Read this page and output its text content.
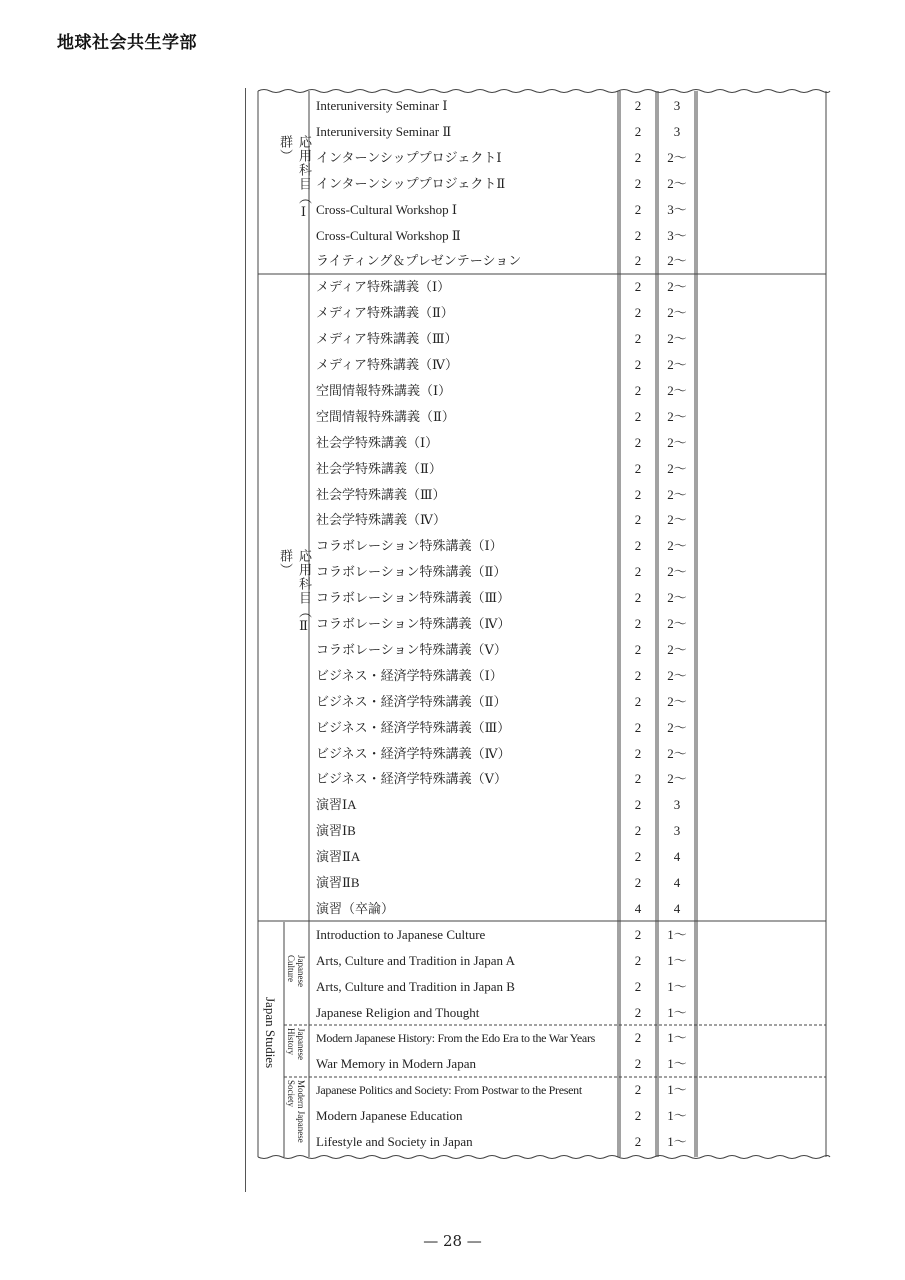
地球社会共生学部
応用科目（Ⅰ群）
応用科目（Ⅱ群）
Japan Studies
Japanese Culture
Japanese History
Modern Japanese Society
Interuniversity Seminar Ⅰ	2	3
Interuniversity Seminar Ⅱ	2	3
インターンシッププロジェクトⅠ	2	2～
インターンシッププロジェクトⅡ	2	2～
Cross-Cultural Workshop Ⅰ	2	3～
Cross-Cultural Workshop Ⅱ	2	3～
ライティング＆プレゼンテーション	2	2～
メディア特殊講義（Ⅰ）	2	2～
メディア特殊講義（Ⅱ）	2	2～
メディア特殊講義（Ⅲ）	2	2～
メディア特殊講義（Ⅳ）	2	2～
空間情報特殊講義（Ⅰ）	2	2～
空間情報特殊講義（Ⅱ）	2	2～
社会学特殊講義（Ⅰ）	2	2～
社会学特殊講義（Ⅱ）	2	2～
社会学特殊講義（Ⅲ）	2	2～
社会学特殊講義（Ⅳ）	2	2～
コラボレーション特殊講義（Ⅰ）	2	2～
コラボレーション特殊講義（Ⅱ）	2	2～
コラボレーション特殊講義（Ⅲ）	2	2～
コラボレーション特殊講義（Ⅳ）	2	2～
コラボレーション特殊講義（Ⅴ）	2	2～
ビジネス・経済学特殊講義（Ⅰ）	2	2～
ビジネス・経済学特殊講義（Ⅱ）	2	2～
ビジネス・経済学特殊講義（Ⅲ）	2	2～
ビジネス・経済学特殊講義（Ⅳ）	2	2～
ビジネス・経済学特殊講義（Ⅴ）	2	2～
演習ⅠA	2	3
演習ⅠB	2	3
演習ⅡA	2	4
演習ⅡB	2	4
演習（卒論）	4	4
Introduction to Japanese Culture	2	1～
Arts, Culture and Tradition in Japan A	2	1～
Arts, Culture and Tradition in Japan B	2	1～
Japanese Religion and Thought	2	1～
Modern Japanese History: From the Edo Era to the War Years	2	1～
War Memory in Modern Japan	2	1～
Japanese Politics and Society: From Postwar to the Present	2	1～
Modern Japanese Education	2	1～
Lifestyle and Society in Japan	2	1～
— 28 —
